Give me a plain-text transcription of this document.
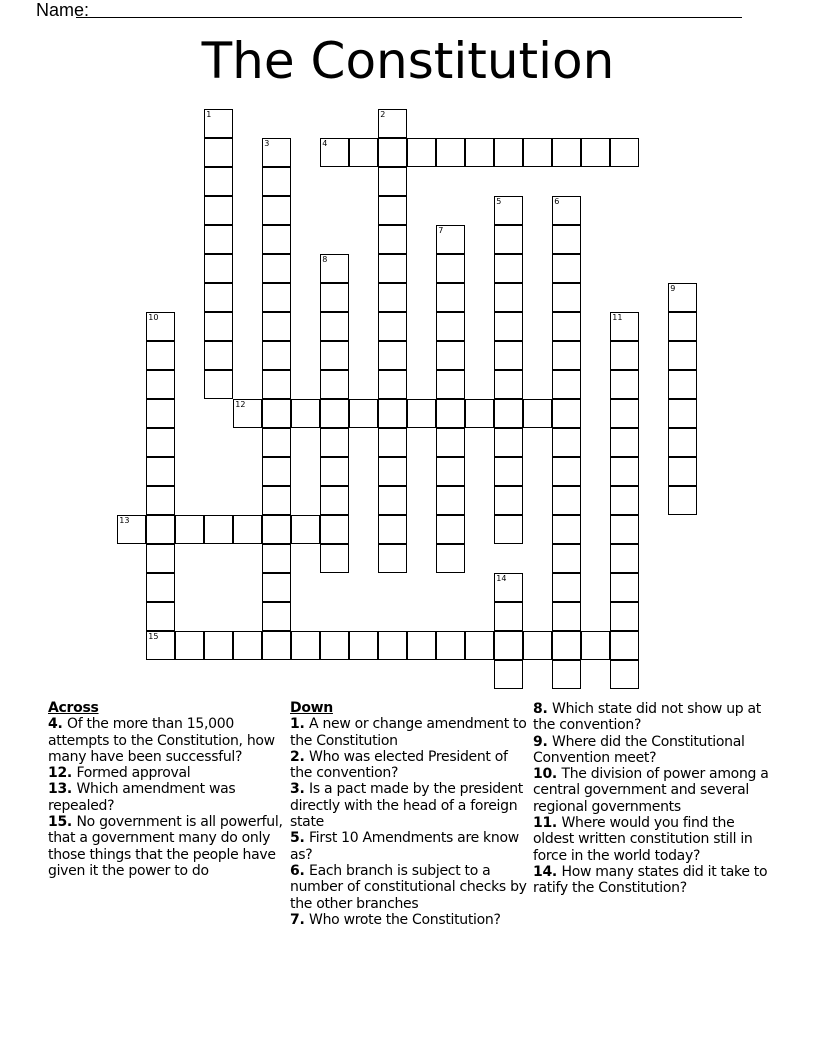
Name:
The Constitution
1	2
3	4
5	6
7
8
9
10	11
12
13
14
15
Across
4. Of the more than 15,000 attempts to the Constitution, how many have been successful?
12. Formed approval
13. Which amendment was repealed?
15. No government is all powerful, that a government many do only those things that the people have given it the power to do
Down
1. A new or change amendment to the Constitution
2. Who was elected President of the convention?
3. Is a pact made by the president directly with the head of a foreign state
5. First 10 Amendments are know as?
6. Each branch is subject to a number of constitutional checks by the other branches
7. Who wrote the Constitution?
8. Which state did not show up at the convention?
9. Where did the Constitutional Convention meet?
10. The division of power among a central government and several regional governments
11. Where would you find the oldest written constitution still in force in the world today?
14. How many states did it take to ratify the Constitution?
